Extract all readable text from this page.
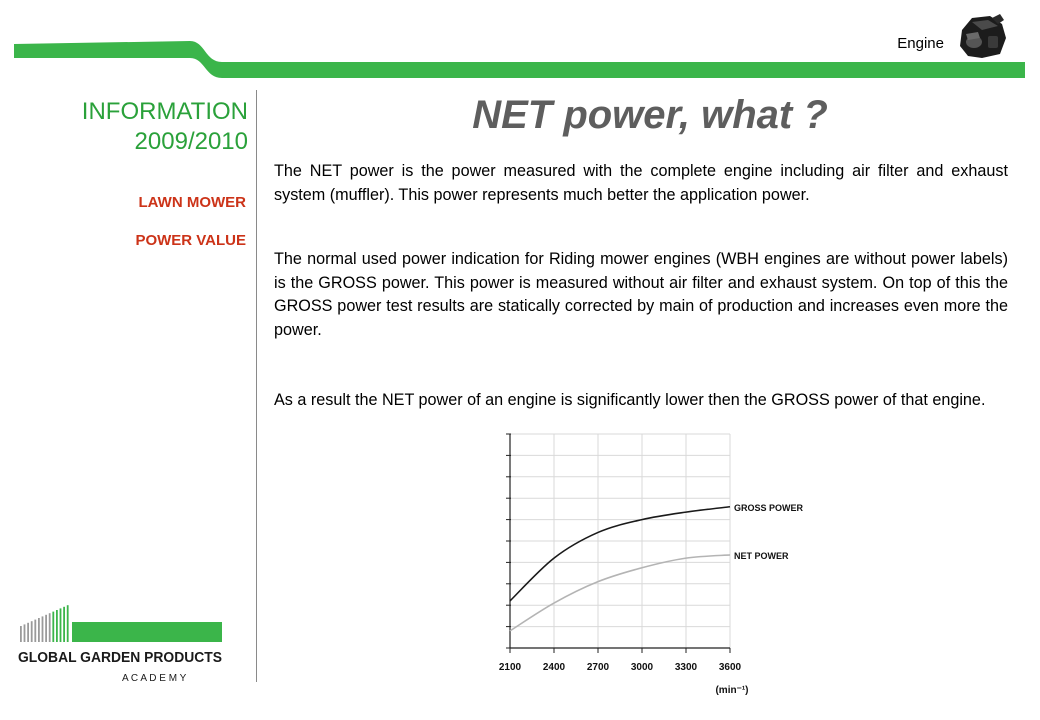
Engine
INFORMATION
2009/2010
LAWN MOWER
POWER VALUE
NET power, what ?

The NET power is the power measured with the complete engine including air filter and exhaust system (muffler). This power represents much better the application power.

The normal used power indication for Riding mower engines (WBH engines are without power labels) is the GROSS power. This power is measured without air filter and exhaust system. On top of this the GROSS power test results are statically corrected by main of production and increases even more the power.

As a result the NET power of an engine is significantly lower then the GROSS power of that engine.

2100 2400 2700 3000 3300 3600
(min⁻¹)
GROSS POWER
NET POWER
GLOBAL GARDEN PRODUCTS
A C A D E M Y
